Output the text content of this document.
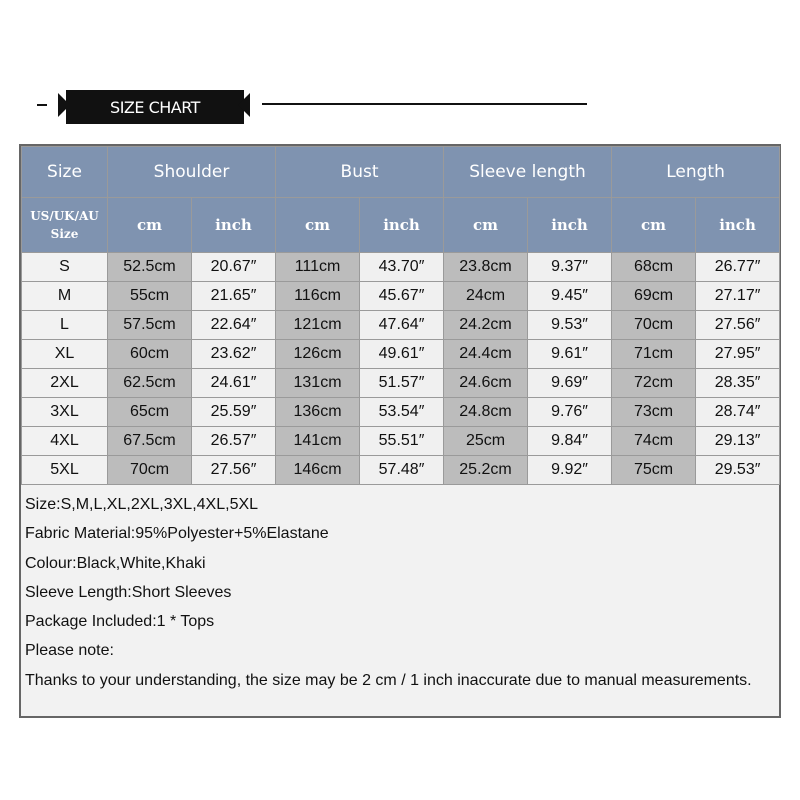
SIZE CHART
Size	Shoulder		Bust		Sleeve length		Length	
US/UK/AU
Size	cm	inch	cm	inch	cm	inch	cm	inch
S	52.5cm	20.67″	111cm	43.70″	23.8cm	9.37″	68cm	26.77″
M	55cm	21.65″	116cm	45.67″	24cm	9.45″	69cm	27.17″
L	57.5cm	22.64″	121cm	47.64″	24.2cm	9.53″	70cm	27.56″
XL	60cm	23.62″	126cm	49.61″	24.4cm	9.61″	71cm	27.95″
2XL	62.5cm	24.61″	131cm	51.57″	24.6cm	9.69″	72cm	28.35″
3XL	65cm	25.59″	136cm	53.54″	24.8cm	9.76″	73cm	28.74″
4XL	67.5cm	26.57″	141cm	55.51″	25cm	9.84″	74cm	29.13″
5XL	70cm	27.56″	146cm	57.48″	25.2cm	9.92″	75cm	29.53″
Size:S,M,L,XL,2XL,3XL,4XL,5XL
Fabric Material:95%Polyester+5%Elastane
Colour:Black,White,Khaki
Sleeve Length:Short Sleeves
Package Included:1 * Tops
Please note:
Thanks to your understanding, the size may be 2 cm / 1 inch inaccurate due to manual measurements.
